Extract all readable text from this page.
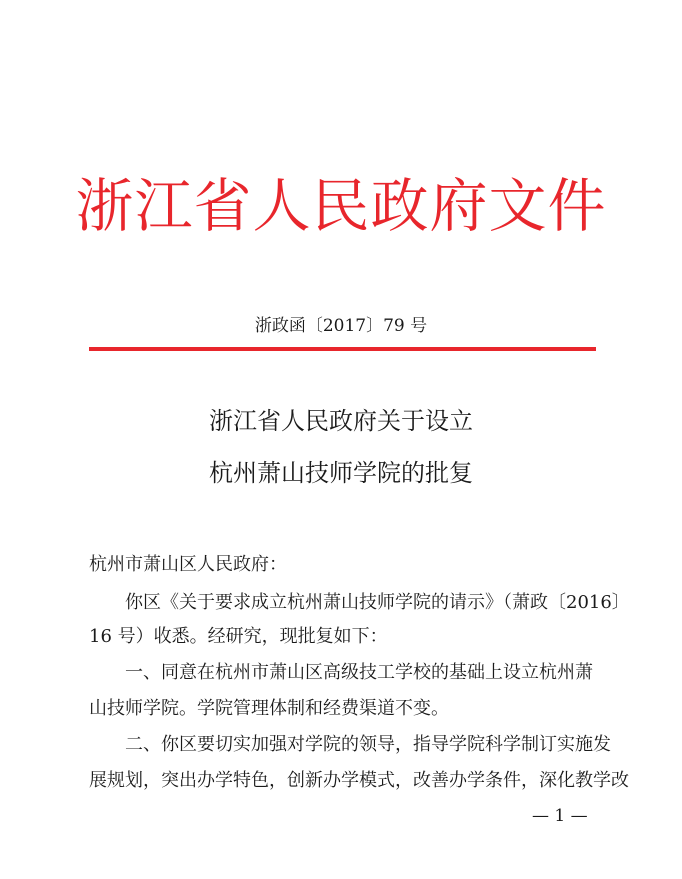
浙江省人民政府文件
浙政函〔2017〕79 号
浙江省人民政府关于设立
杭州萧山技师学院的批复
杭州市萧山区人民政府：
你区《关于要求成立杭州萧山技师学院的请示》（萧政〔2016〕
16 号）收悉。经研究，现批复如下：
一、同意在杭州市萧山区高级技工学校的基础上设立杭州萧
山技师学院。学院管理体制和经费渠道不变。
二、你区要切实加强对学院的领导，指导学院科学制订实施发
展规划，突出办学特色，创新办学模式，改善办学条件，深化教学改
— 1 —
